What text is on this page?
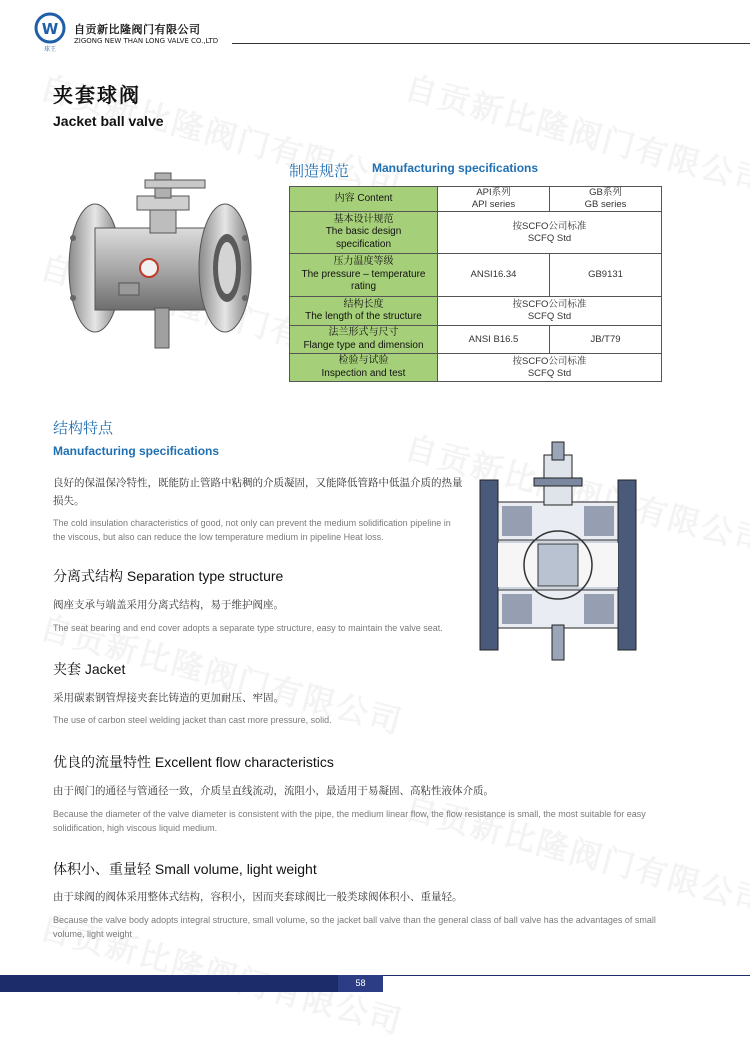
W
球王
自贡新比隆阀门有限公司
ZIGONG NEW THAN LONG VALVE CO.,LTD
夹套球阀
Jacket ball valve
制造规范 Manufacturing specifications
内容 Content	API系列
API series	GB系列
GB series
基本设计规范
The basic design
specification	按SCFO公司标准
SCFQ Std	
压力温度等级
The pressure – temperature
rating	ANSI16.34	GB9131
结构长度
The length of the structure	按SCFO公司标准
SCFQ Std	
法兰形式与尺寸
Flange type and dimension	ANSI B16.5	JB/T79
检验与试验
Inspection and test	按SCFO公司标准
SCFQ Std	
结构特点
Manufacturing specifications
良好的保温保冷特性，既能防止管路中粘稠的介质凝固，又能降低管路中低温介质的热量损失。
The cold insulation characteristics of good, not only can prevent the medium solidification pipeline in the viscous, but also can reduce the low temperature medium in pipeline Heat loss.
分离式结构 Separation type structure
阀座支承与端盖采用分离式结构，易于维护阀座。
The seat bearing and end cover adopts a separate type structure, easy to maintain the valve seat.
夹套 Jacket
采用碳素钢管焊接夹套比铸造的更加耐压、牢固。
The use of carbon steel welding jacket than cast more pressure, solid.
优良的流量特性 Excellent flow characteristics
由于阀门的通径与管通径一致，介质呈直线流动，流阻小，最适用于易凝固、高粘性液体介质。
Because the diameter of the valve diameter is consistent with the pipe, the medium linear flow, the flow resistance is small, the most suitable for easy solidification, high viscous liquid medium.
体积小、重量轻 Small volume, light weight
由于球阀的阀体采用整体式结构，容积小，因而夹套球阀比一般类球阀体积小、重量轻。
Because the valve body adopts integral structure, small volume, so the jacket ball valve than the general class of ball valve has the advantages of small volume, light weight
58
